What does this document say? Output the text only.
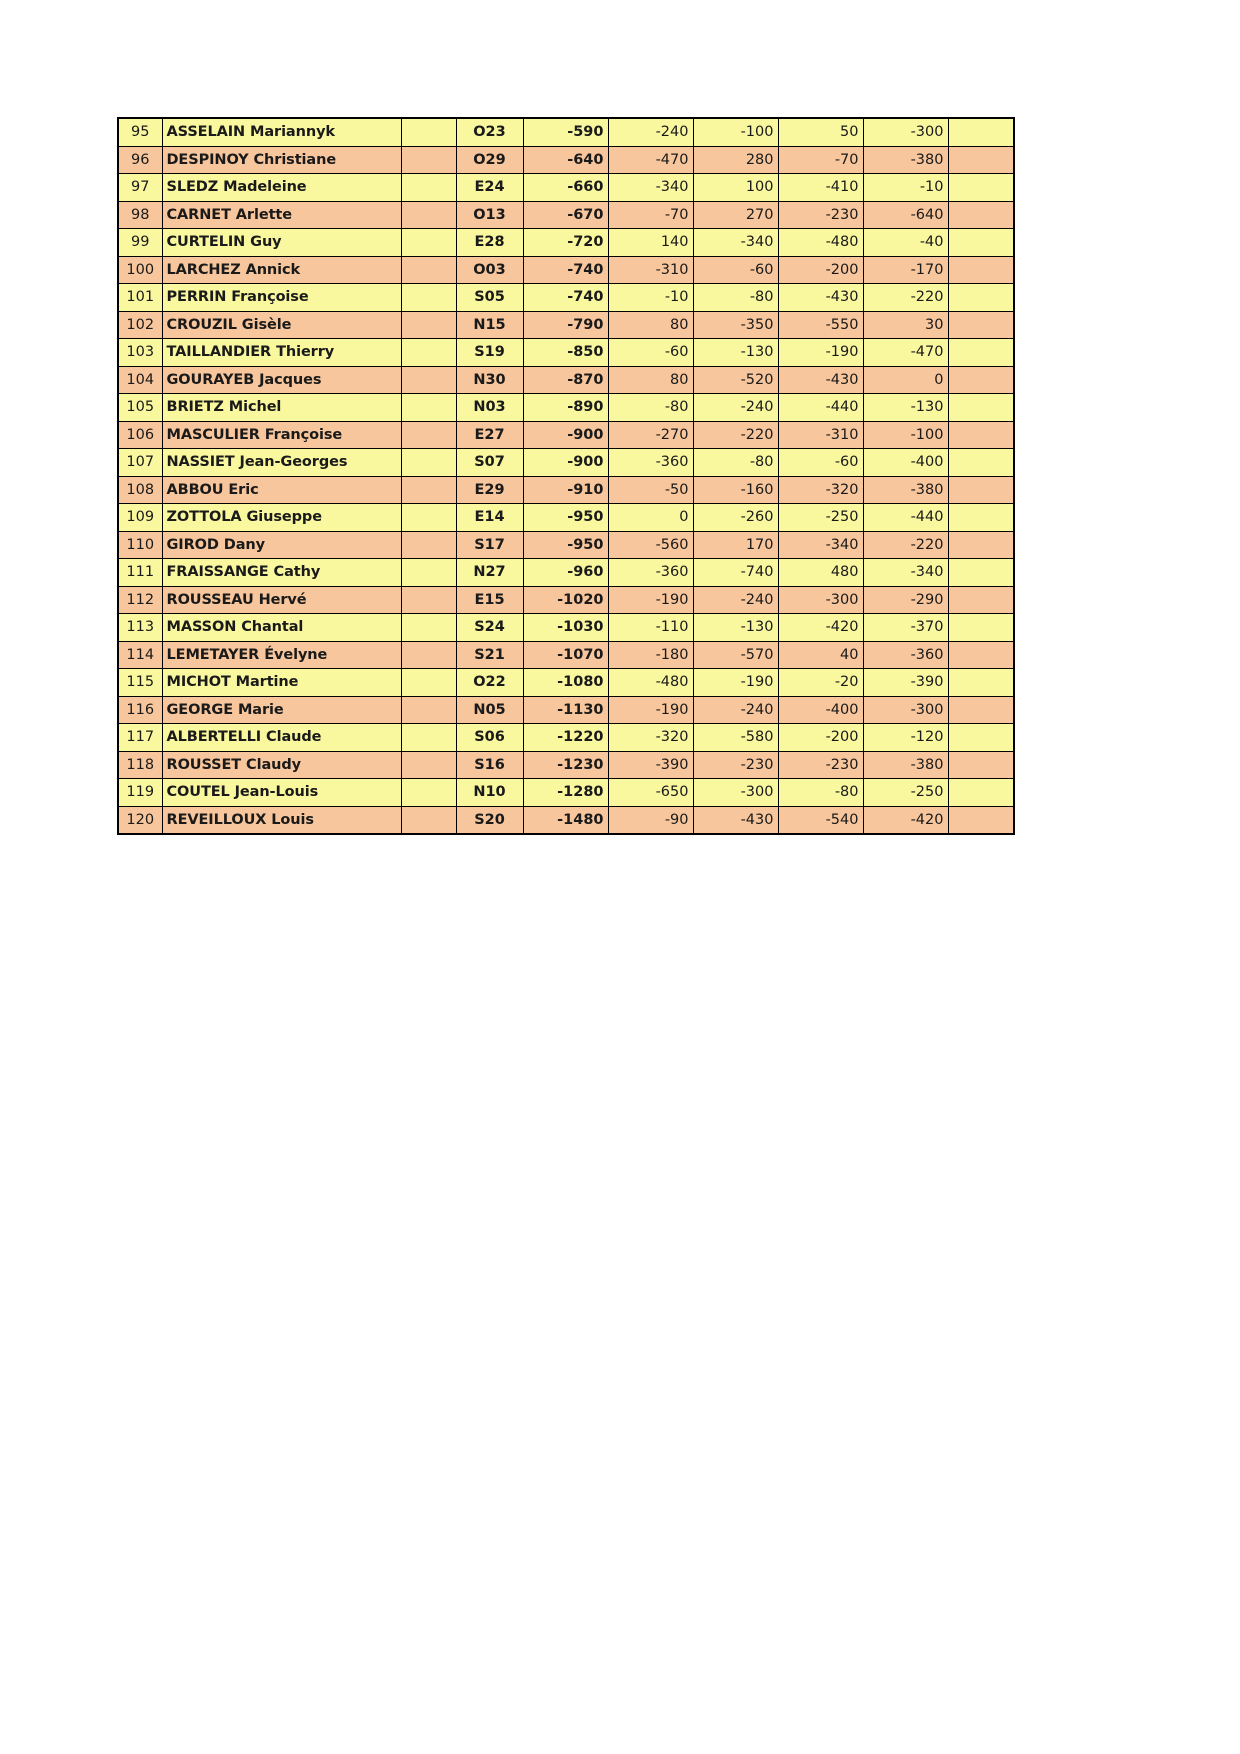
95	ASSELAIN Mariannyk		O23	-590	-240	-100	50	-300	
96	DESPINOY Christiane		O29	-640	-470	280	-70	-380	
97	SLEDZ Madeleine		E24	-660	-340	100	-410	-10	
98	CARNET Arlette		O13	-670	-70	270	-230	-640	
99	CURTELIN Guy		E28	-720	140	-340	-480	-40	
100	LARCHEZ Annick		O03	-740	-310	-60	-200	-170	
101	PERRIN Françoise		S05	-740	-10	-80	-430	-220	
102	CROUZIL Gisèle		N15	-790	80	-350	-550	30	
103	TAILLANDIER Thierry		S19	-850	-60	-130	-190	-470	
104	GOURAYEB Jacques		N30	-870	80	-520	-430	0	
105	BRIETZ Michel		N03	-890	-80	-240	-440	-130	
106	MASCULIER Françoise		E27	-900	-270	-220	-310	-100	
107	NASSIET Jean-Georges		S07	-900	-360	-80	-60	-400	
108	ABBOU Eric		E29	-910	-50	-160	-320	-380	
109	ZOTTOLA Giuseppe		E14	-950	0	-260	-250	-440	
110	GIROD Dany		S17	-950	-560	170	-340	-220	
111	FRAISSANGE Cathy		N27	-960	-360	-740	480	-340	
112	ROUSSEAU Hervé		E15	-1020	-190	-240	-300	-290	
113	MASSON Chantal		S24	-1030	-110	-130	-420	-370	
114	LEMETAYER Évelyne		S21	-1070	-180	-570	40	-360	
115	MICHOT Martine		O22	-1080	-480	-190	-20	-390	
116	GEORGE Marie		N05	-1130	-190	-240	-400	-300	
117	ALBERTELLI Claude		S06	-1220	-320	-580	-200	-120	
118	ROUSSET Claudy		S16	-1230	-390	-230	-230	-380	
119	COUTEL Jean-Louis		N10	-1280	-650	-300	-80	-250	
120	REVEILLOUX Louis		S20	-1480	-90	-430	-540	-420	
